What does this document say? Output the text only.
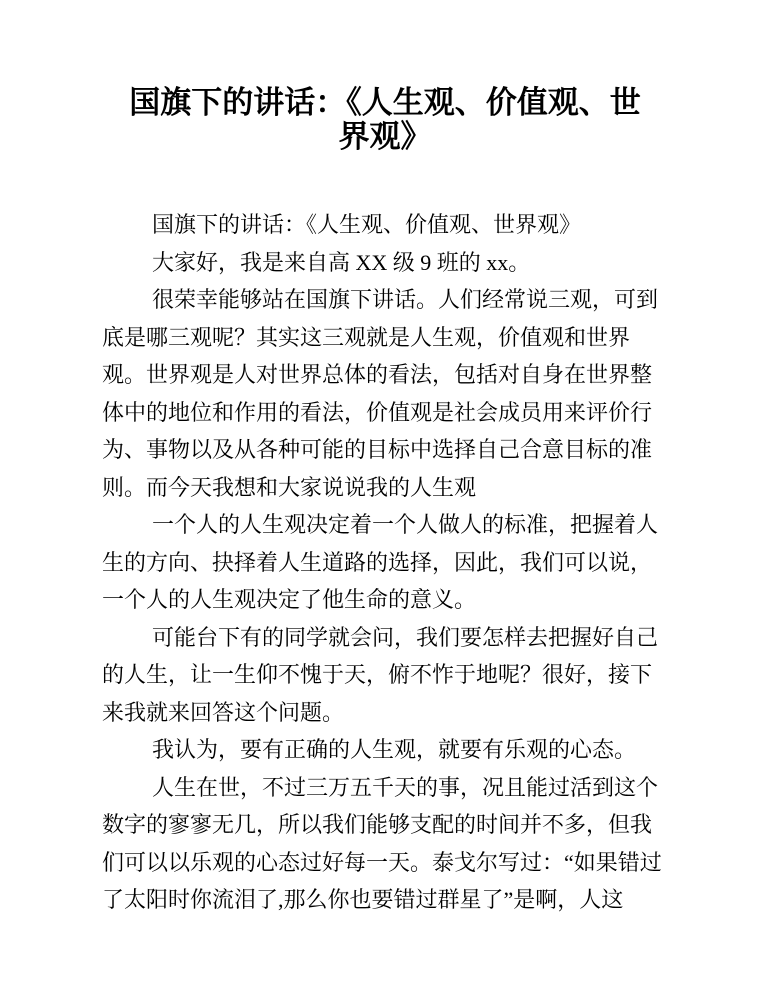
国旗下的讲话：《人生观、价值观、世界观》

国旗下的讲话：《人生观、价值观、世界观》

大家好，我是来自高 XX 级 9 班的 xx。

很荣幸能够站在国旗下讲话。人们经常说三观，可到底是哪三观呢？其实这三观就是人生观，价值观和世界观。世界观是人对世界总体的看法，包括对自身在世界整体中的地位和作用的看法，价值观是社会成员用来评价行为、事物以及从各种可能的目标中选择自己合意目标的准则。而今天我想和大家说说我的人生观

一个人的人生观决定着一个人做人的标准，把握着人生的方向、抉择着人生道路的选择，因此，我们可以说，一个人的人生观决定了他生命的意义。

可能台下有的同学就会问，我们要怎样去把握好自己的人生，让一生仰不愧于天，俯不怍于地呢？很好，接下来我就来回答这个问题。

我认为，要有正确的人生观，就要有乐观的心态。

人生在世，不过三万五千天的事，况且能过活到这个数字的寥寥无几，所以我们能够支配的时间并不多，但我们可以以乐观的心态过好每一天。泰戈尔写过：“如果错过了太阳时你流泪了,那么你也要错过群星了”是啊，人这
